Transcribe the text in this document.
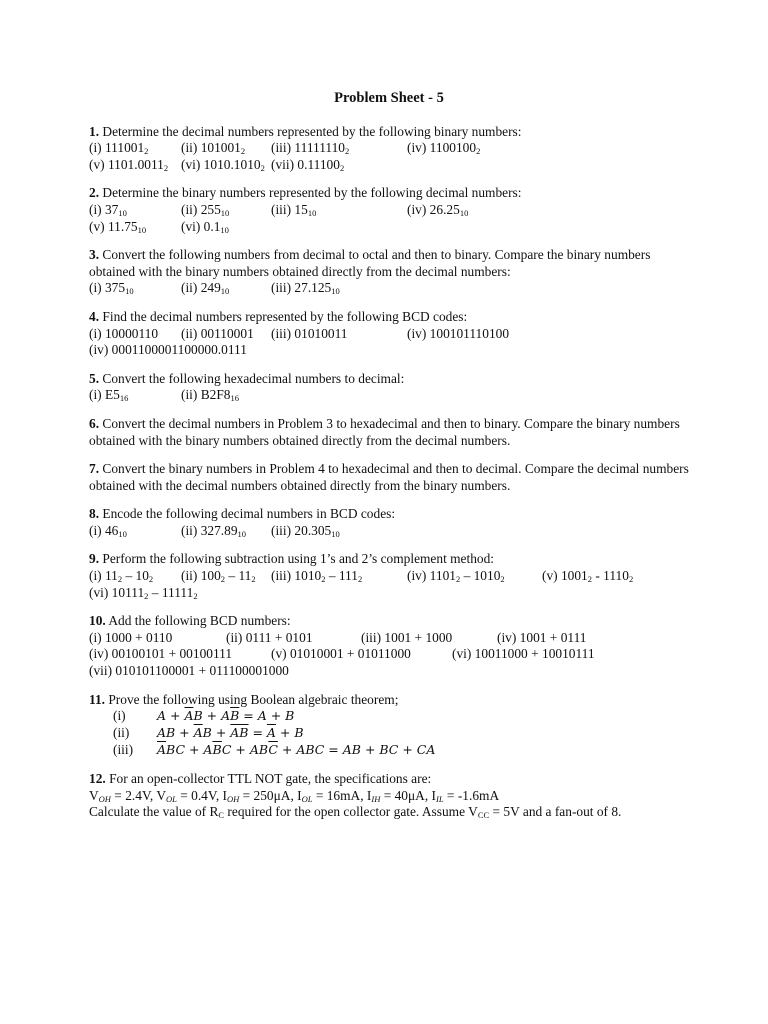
Problem Sheet - 5
1. Determine the decimal numbers represented by the following binary numbers:
(i) $111001_2$ (ii) $101001_2$ (iii) $11111110_2$	(iv) $1100100_2$
(v) $1101.0011_2$ (vi) $1010.1010_2$ (vii) $0.11100_2$
2. Determine the binary numbers represented by the following decimal numbers:
(i) $37_{10}$	(ii) $255_{10}$	(iii) $15_{10}$	(iv) $26.25_{10}$
(v) $11.75_{10}$	(vi) $0.1_{10}$
3. Convert the following numbers from decimal to octal and then to binary. Compare the binary numbers obtained with the binary numbers obtained directly from the decimal numbers:
(i) $375_{10}$	(ii) $249_{10}$	(iii) $27.125_{10}$
4. Find the decimal numbers represented by the following BCD codes:
(i) 10000110 (ii) 00110001 (iii) 01010011	(iv) 100101110100
(iv) 0001100001100000.0111
5. Convert the following hexadecimal numbers to decimal:
(i) $E5_{16}$	(ii) $B2F8_{16}$
6. Convert the decimal numbers in Problem 3 to hexadecimal and then to binary. Compare the binary numbers obtained with the binary numbers obtained directly from the decimal numbers.
7. Convert the binary numbers in Problem 4 to hexadecimal and then to decimal. Compare the decimal numbers obtained with the decimal numbers obtained directly from the binary numbers.
8. Encode the following decimal numbers in BCD codes:
(i) $46_{10}$	(ii) $327.89_{10}$ (iii) $20.305_{10}$
9. Perform the following subtraction using 1’s and 2’s complement method:
(i) $11_2 - 10_2$ (ii) $100_2 - 11_2$ (iii) $1010_2 - 111_2$	(iv) $1101_2 - 1010_2$	(v) $1001_2 - 1110_2$
(vi) $10111_2 - 11111_2$
10. Add the following BCD numbers:
(i) 1000 + 0110	(ii) 0111 + 0101	(iii) 1001 + 1000	(iv) 1001 + 0111
(iv) 00100101 + 00100111	(v) 01010001 + 01011000	(vi) 10011000 + 10010111
(vii) 010101100001 + 011100001000
11. Prove the following using Boolean algebraic theorem;
(i)	$A + \overline{A}B + A\overline{B} = A + B$
(ii) AB + $\overline{A}B + \overline{AB} = \overline{A} + B$
(iii) $\overline{A}BC + A\overline{B}C + AB\overline{C}$ + ABC = AB + BC + CA
12. For an open-collector TTL NOT gate, the specifications are:
$V_{OH} = 2.4V$, $V_{OL} = 0.4V$, $I_{OH} = 250\mu A$, $I_{OL} = 16mA$, $I_{IH} = 40\mu A$, $I_{IL} = -1.6mA$
Calculate the value of $R_C$ required for the open collector gate. Assume $V_{CC} = 5V$ and a fan-out of 8.
